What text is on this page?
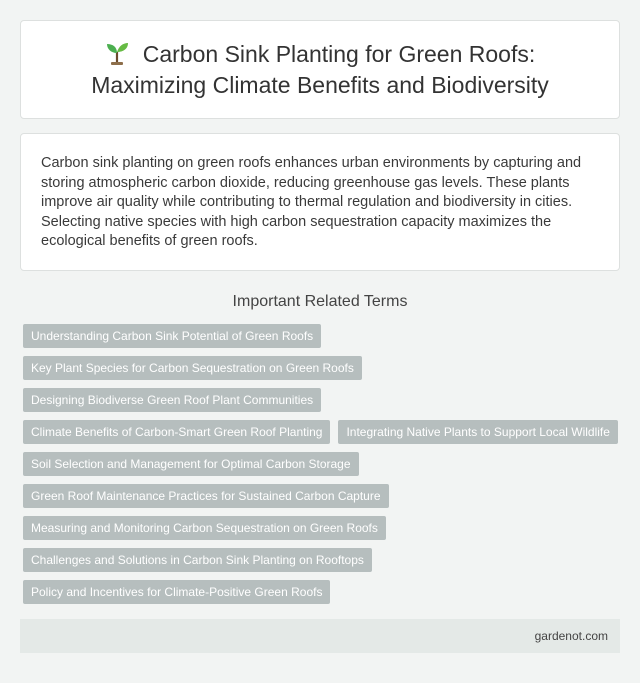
Carbon Sink Planting for Green Roofs:
Maximizing Climate Benefits and Biodiversity

Carbon sink planting on green roofs enhances urban environments by capturing and storing atmospheric carbon dioxide, reducing greenhouse gas levels. These plants improve air quality while contributing to thermal regulation and biodiversity in cities. Selecting native species with high carbon sequestration capacity maximizes the ecological benefits of green roofs.

Important Related Terms
Understanding Carbon Sink Potential of Green Roofs
Key Plant Species for Carbon Sequestration on Green Roofs
Designing Biodiverse Green Roof Plant Communities
Climate Benefits of Carbon-Smart Green Roof Planting	Integrating Native Plants to Support Local Wildlife
Soil Selection and Management for Optimal Carbon Storage
Green Roof Maintenance Practices for Sustained Carbon Capture
Measuring and Monitoring Carbon Sequestration on Green Roofs
Challenges and Solutions in Carbon Sink Planting on Rooftops
Policy and Incentives for Climate-Positive Green Roofs
gardenot.com
